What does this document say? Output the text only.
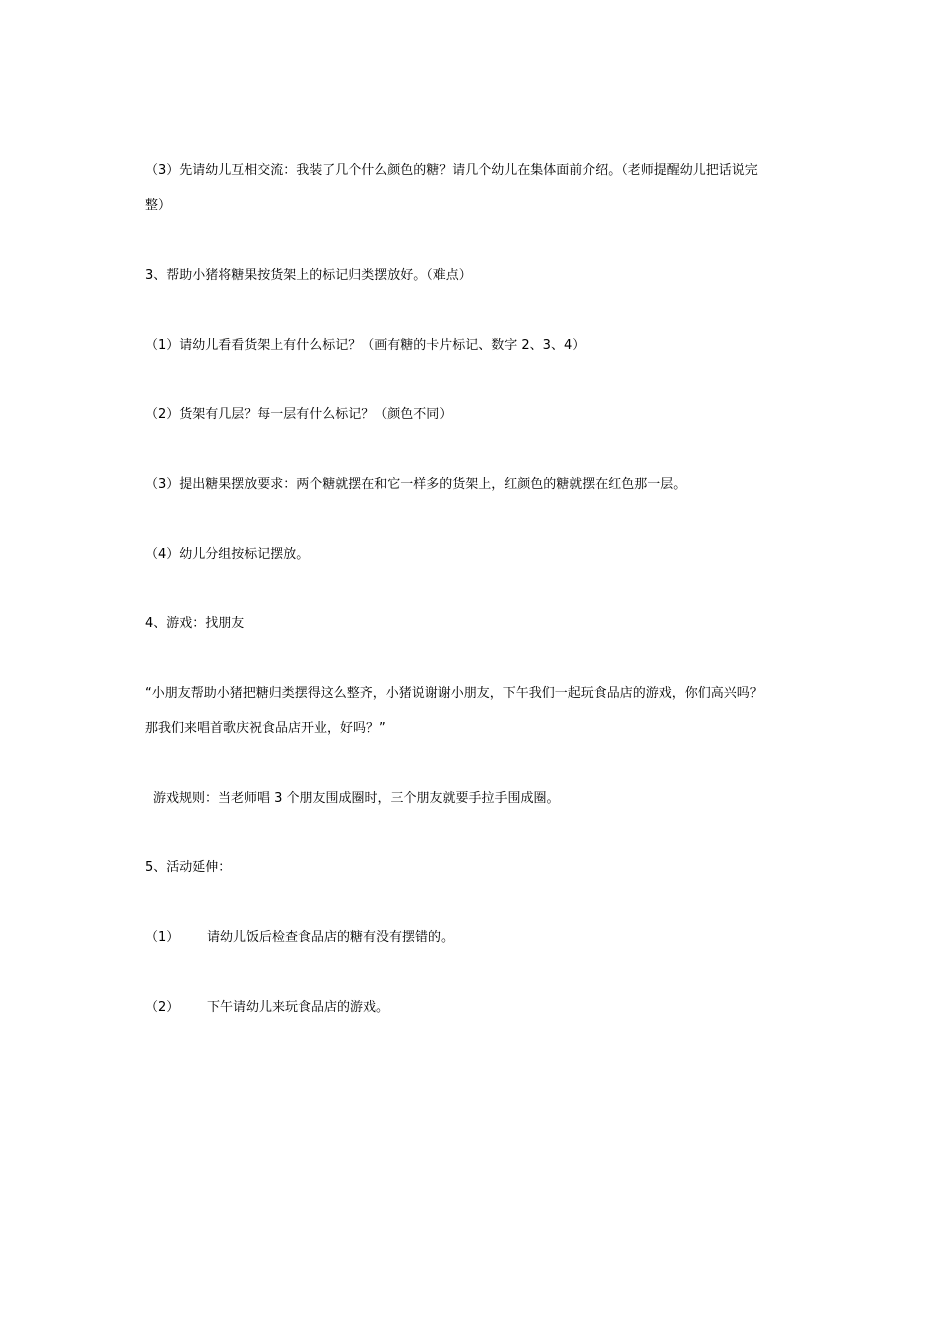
（3）先请幼儿互相交流：我装了几个什么颜色的糖？请几个幼儿在集体面前介绍。（老师提醒幼儿把话说完
整）
3、帮助小猪将糖果按货架上的标记归类摆放好。（难点）
（1）请幼儿看看货架上有什么标记？（画有糖的卡片标记、数字 2、3、4）
（2）货架有几层？每一层有什么标记？（颜色不同）
（3）提出糖果摆放要求：两个糖就摆在和它一样多的货架上，红颜色的糖就摆在红色那一层。
（4）幼儿分组按标记摆放。
4、游戏：找朋友
“小朋友帮助小猪把糖归类摆得这么整齐，小猪说谢谢小朋友，下午我们一起玩食品店的游戏，你们高兴吗？
那我们来唱首歌庆祝食品店开业，好吗？”
游戏规则：当老师唱 3 个朋友围成圈时，三个朋友就要手拉手围成圈。
5、活动延伸：
（1） 请幼儿饭后检查食品店的糖有没有摆错的。
（2） 下午请幼儿来玩食品店的游戏。
